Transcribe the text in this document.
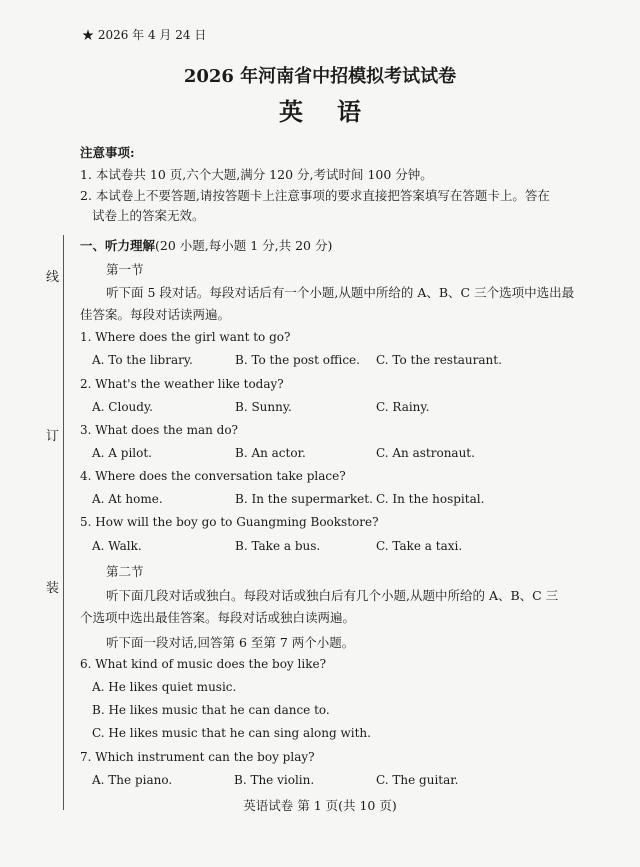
★ 2026 年 4 月 24 日
2026 年河南省中招模拟考试试卷
英语
线
订
装
注意事项:
1. 本试卷共 10 页,六个大题,满分 120 分,考试时间 100 分钟。
2. 本试卷上不要答题,请按答题卡上注意事项的要求直接把答案填写在答题卡上。答在
试卷上的答案无效。
一、听力理解(20 小题,每小题 1 分,共 20 分)
第一节
听下面 5 段对话。每段对话后有一个小题,从题中所给的 A、B、C 三个选项中选出最
佳答案。每段对话读两遍。
1. Where does the girl want to go?
A. To the library.	B. To the post office. C. To the restaurant.
2. What's the weather like today?
A. Cloudy.	B. Sunny.	C. Rainy.
3. What does the man do?
A. A pilot.	B. An actor.	C. An astronaut.
4. Where does the conversation take place?
A. At home.	B. In the supermarket. C. In the hospital.
5. How will the boy go to Guangming Bookstore?
A. Walk.	B. Take a bus.	C. Take a taxi.
第二节
听下面几段对话或独白。每段对话或独白后有几个小题,从题中所给的 A、B、C 三
个选项中选出最佳答案。每段对话或独白读两遍。
听下面一段对话,回答第 6 至第 7 两个小题。
6. What kind of music does the boy like?
A. He likes quiet music.
B. He likes music that he can dance to.
C. He likes music that he can sing along with.
7. Which instrument can the boy play?
A. The piano.	B. The violin.	C. The guitar.
英语试卷 第 1 页(共 10 页)
